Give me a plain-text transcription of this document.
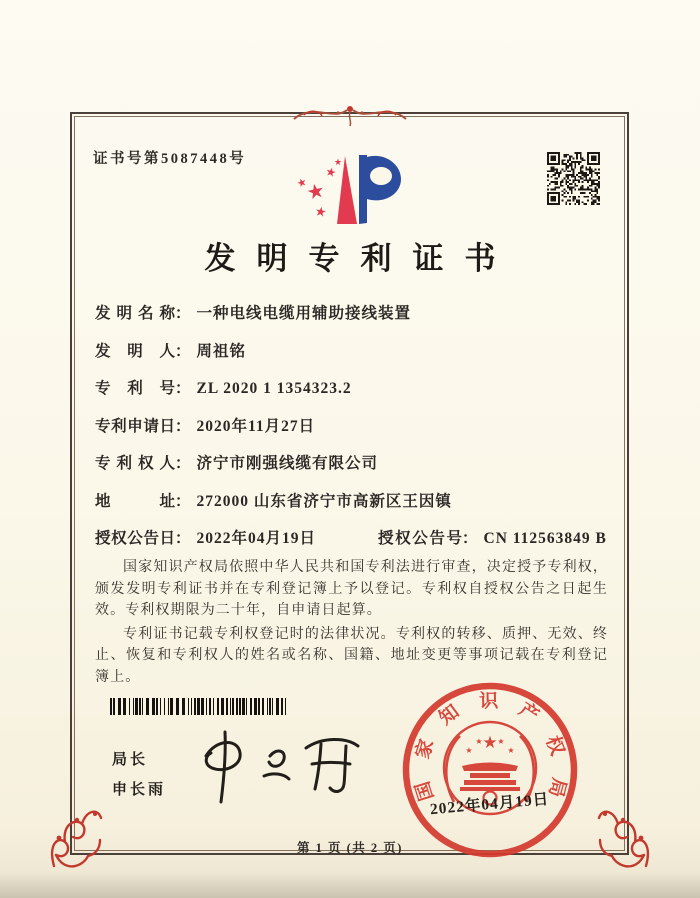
证书号第5087448号
★
★
★
★
★
发明专利证书
发明名称： 一种电线电缆用辅助接线装置
发明人： 周祖铭
专利号： ZL 2020 1 1354323.2
专利申请日： 2020年11月27日
专利权人： 济宁市刚强线缆有限公司
地址： 272000 山东省济宁市高新区王因镇
授权公告日： 2022年04月19日	授权公告号： CN 112563849 B

国家知识产权局依照中华人民共和国专利法进行审查，决定授予专利权，颁发发明专利证书并在专利登记簿上予以登记。专利权自授权公告之日起生效。专利权期限为二十年，自申请日起算。

专利证书记载专利权登记时的法律状况。专利权的转移、质押、无效、终止、恢复和专利权人的姓名或名称、国籍、地址变更等事项记载在专利登记簿上。

局长
申长雨	国家知识产权局
★
★
★ ★
★
2022年04月19日
第 1 页 (共 2 页)
